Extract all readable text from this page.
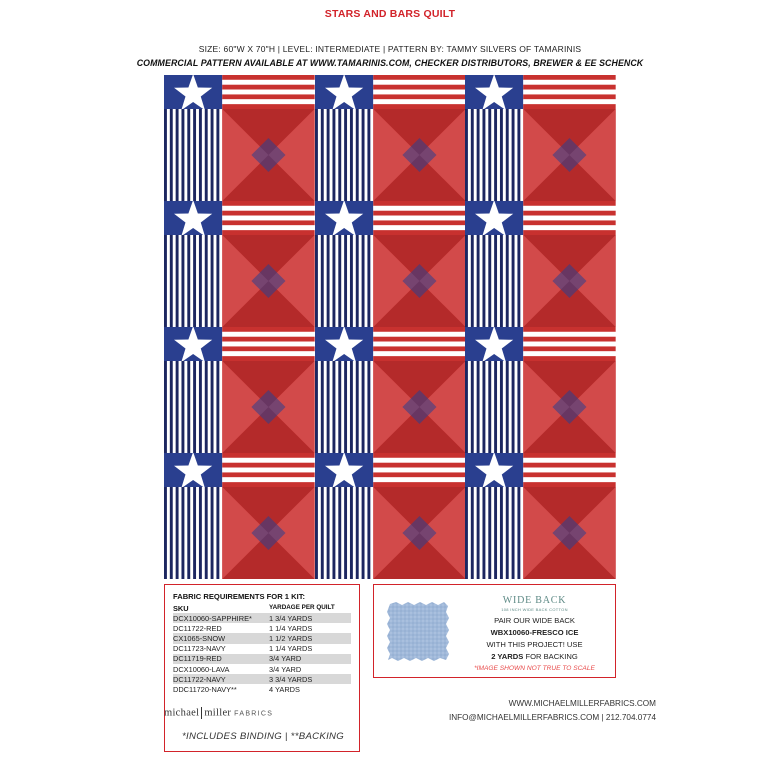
STARS AND BARS QUILT
SIZE: 60"W X 70"H | LEVEL: INTERMEDIATE | PATTERN BY: TAMMY SILVERS OF TAMARINIS
COMMERCIAL PATTERN AVAILABLE AT WWW.TAMARINIS.COM, CHECKER DISTRIBUTORS, BREWER & EE SCHENCK
FABRIC REQUIREMENTS FOR 1 KIT:
SKU	YARDAGE PER QUILT
DCX10060-SAPPHIRE* 1 3/4 YARDS
DC11722-RED	1 1/4 YARDS
CX1065-SNOW	1 1/2 YARDS
DC11723-NAVY	1 1/4 YARDS
DC11719-RED	3/4 YARD
DCX10060-LAVA	3/4 YARD
DC11722-NAVY	3 3/4 YARDS
DDC11720-NAVY**	4 YARDS
*INCLUDES BINDING | **BACKING
WIDE BACK
108 INCH WIDE BACK COTTON
PAIR OUR WIDE BACK
WBX10060-FRESCO ICE
WITH THIS PROJECT! USE
2 YARDS FOR BACKING
*IMAGE SHOWN NOT TRUE TO SCALE
michael miller FABRICS
WWW.MICHAELMILLERFABRICS.COM
INFO@MICHAELMILLERFABRICS.COM | 212.704.0774
